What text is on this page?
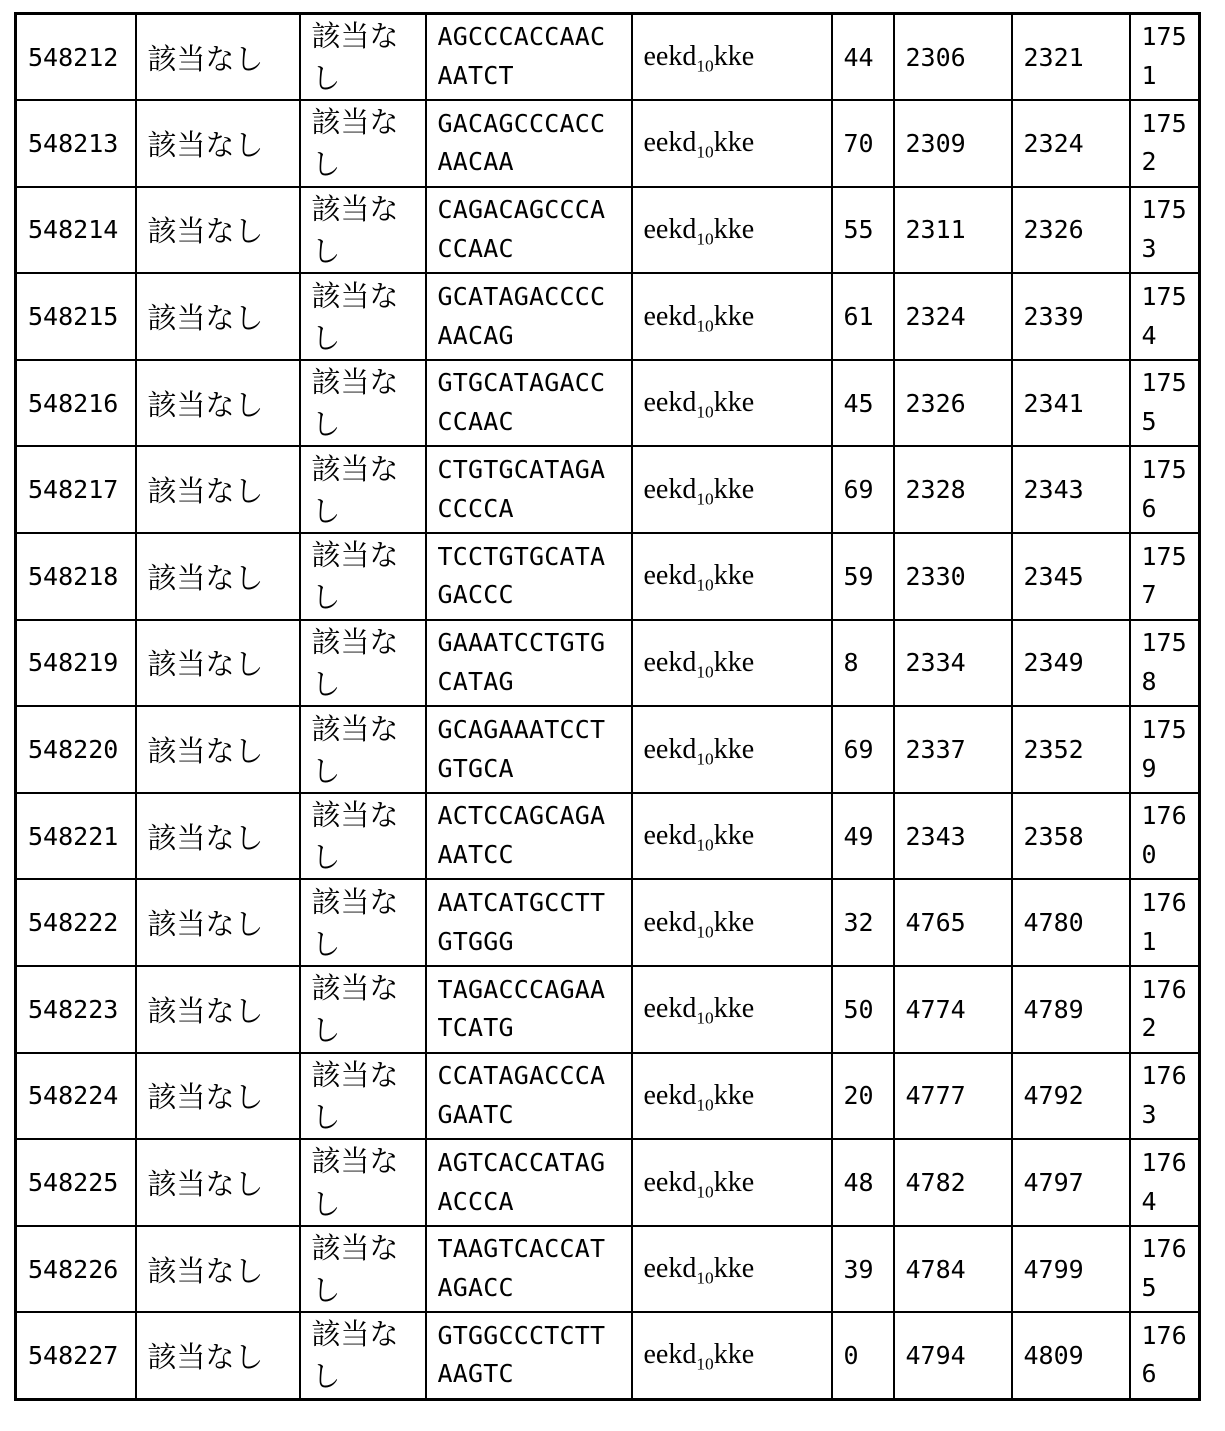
548212	該当なし	該当なし	AGCCCACCAACAATCT	eekd$_{10}$kke	44	2306	2321	1751

548213	該当なし	該当なし	GACAGCCCACCAACAA	eekd$_{10}$kke	70	2309	2324	1752

548214	該当なし	該当なし	CAGACAGCCCACCAAC	eekd$_{10}$kke	55	2311	2326	1753

548215	該当なし	該当なし	GCATAGACCCCAACAG	eekd$_{10}$kke	61	2324	2339	1754

548216	該当なし	該当なし	GTGCATAGACCCCAAC	eekd$_{10}$kke	45	2326	2341	1755

548217	該当なし	該当なし	CTGTGCATAGACCCCA	eekd$_{10}$kke	69	2328	2343	1756

548218	該当なし	該当なし	TCCTGTGCATAGACCC	eekd$_{10}$kke	59	2330	2345	1757

548219	該当なし	該当なし	GAAATCCTGTGCATAG	eekd$_{10}$kke	8	2334	2349	1758

548220	該当なし	該当なし	GCAGAAATCCTGTGCA	eekd$_{10}$kke	69	2337	2352	1759

548221	該当なし	該当なし	ACTCCAGCAGAAATCC	eekd$_{10}$kke	49	2343	2358	1760

548222	該当なし	該当なし	AATCATGCCTTGTGGG	eekd$_{10}$kke	32	4765	4780	1761

548223	該当なし	該当なし	TAGACCCAGAATCATG	eekd$_{10}$kke	50	4774	4789	1762

548224	該当なし	該当なし	CCATAGACCCAGAATC	eekd$_{10}$kke	20	4777	4792	1763

548225	該当なし	該当なし	AGTCACCATAGACCCA	eekd$_{10}$kke	48	4782	4797	1764

548226	該当なし	該当なし	TAAGTCACCATAGACC	eekd$_{10}$kke	39	4784	4799	1765

548227	該当なし	該当なし	GTGGCCCTCTTAAGTC	eekd$_{10}$kke	0	4794	4809	1766
